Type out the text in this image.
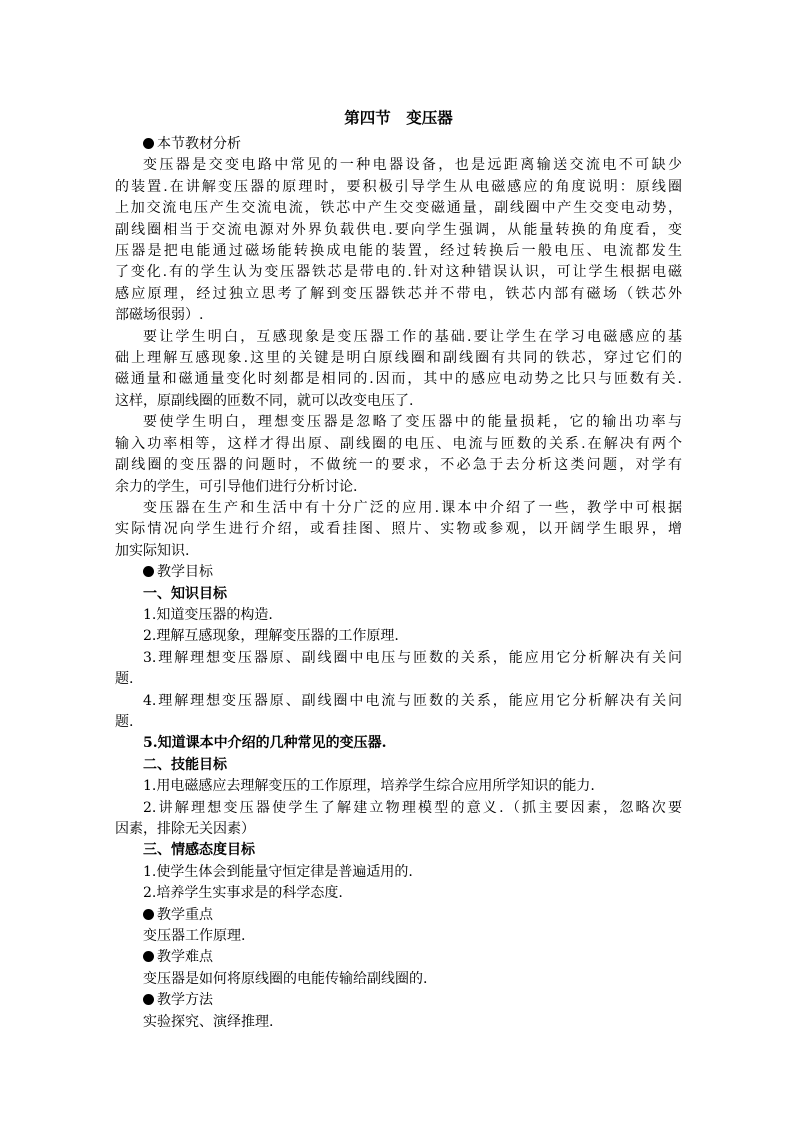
第四节　变压器
本节教材分析
变压器是交变电路中常见的一种电器设备，也是远距离输送交流电不可缺少
的装置.在讲解变压器的原理时，要积极引导学生从电磁感应的角度说明：原线圈
上加交流电压产生交流电流，铁芯中产生交变磁通量，副线圈中产生交变电动势，
副线圈相当于交流电源对外界负载供电.要向学生强调，从能量转换的角度看，变
压器是把电能通过磁场能转换成电能的装置，经过转换后一般电压、电流都发生
了变化.有的学生认为变压器铁芯是带电的.针对这种错误认识，可让学生根据电磁
感应原理，经过独立思考了解到变压器铁芯并不带电，铁芯内部有磁场（铁芯外
部磁场很弱）.
要让学生明白，互感现象是变压器工作的基础.要让学生在学习电磁感应的基
础上理解互感现象.这里的关键是明白原线圈和副线圈有共同的铁芯，穿过它们的
磁通量和磁通量变化时刻都是相同的.因而，其中的感应电动势之比只与匝数有关.
这样，原副线圈的匝数不同，就可以改变电压了.
要使学生明白，理想变压器是忽略了变压器中的能量损耗，它的输出功率与
输入功率相等，这样才得出原、副线圈的电压、电流与匝数的关系.在解决有两个
副线圈的变压器的问题时，不做统一的要求，不必急于去分析这类问题，对学有
余力的学生，可引导他们进行分析讨论.
变压器在生产和生活中有十分广泛的应用.课本中介绍了一些，教学中可根据
实际情况向学生进行介绍，或看挂图、照片、实物或参观，以开阔学生眼界，增
加实际知识.
教学目标
一、知识目标
1.知道变压器的构造.
2.理解互感现象，理解变压器的工作原理.
3.理解理想变压器原、副线圈中电压与匝数的关系，能应用它分析解决有关问
题.
4.理解理想变压器原、副线圈中电流与匝数的关系，能应用它分析解决有关问
题.
5.知道课本中介绍的几种常见的变压器.
二、技能目标
1.用电磁感应去理解变压的工作原理，培养学生综合应用所学知识的能力.
2.讲解理想变压器使学生了解建立物理模型的意义.（抓主要因素，忽略次要
因素，排除无关因素）
三、情感态度目标
1.使学生体会到能量守恒定律是普遍适用的.
2.培养学生实事求是的科学态度.
教学重点
变压器工作原理.
教学难点
变压器是如何将原线圈的电能传输给副线圈的.
教学方法
实验探究、演绎推理.
